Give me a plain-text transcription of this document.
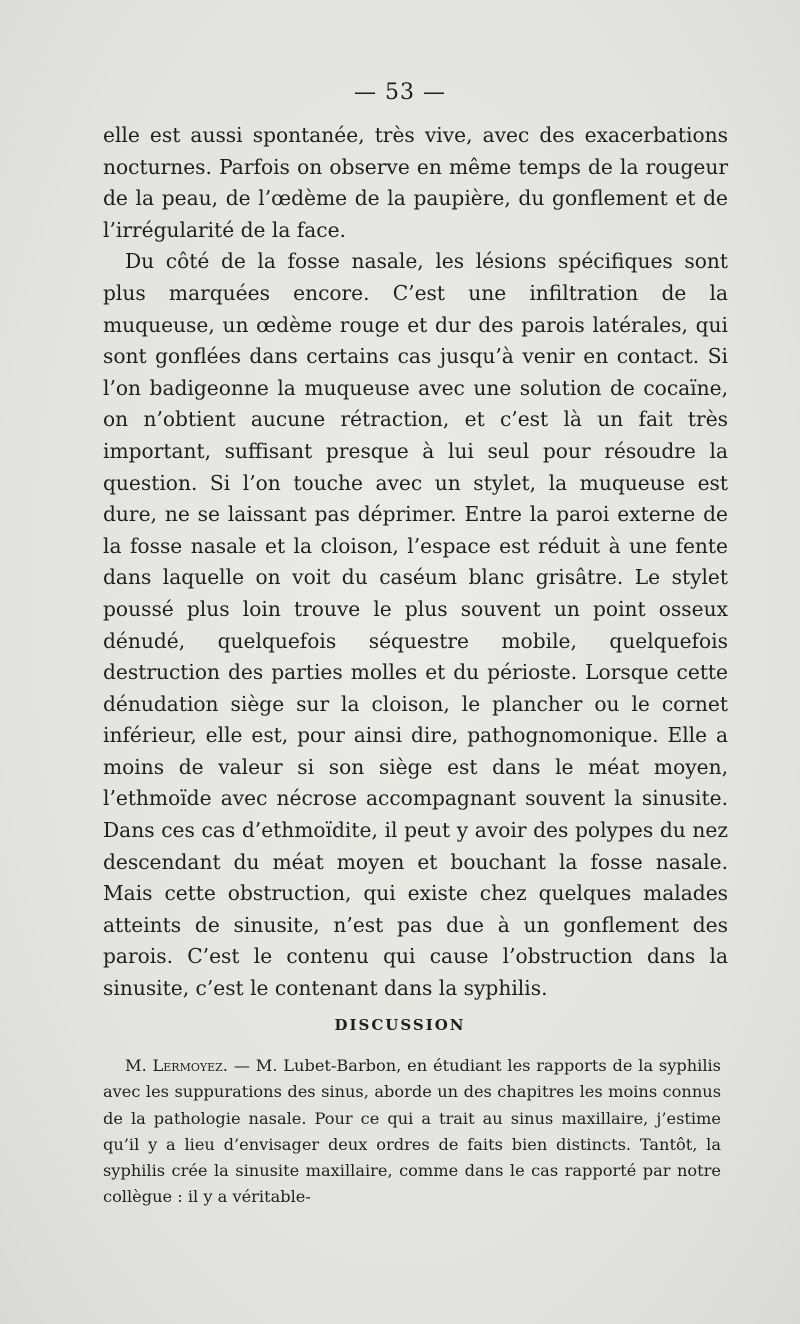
— 53 —

elle est aussi spontanée, très vive, avec des exacerbations nocturnes. Parfois on observe en même temps de la rougeur de la peau, de l’œdème de la paupière, du gonflement et de l’irrégularité de la face.

Du côté de la fosse nasale, les lésions spécifiques sont plus marquées encore. C’est une infiltration de la muqueuse, un œdème rouge et dur des parois latérales, qui sont gonflées dans certains cas jusqu’à venir en contact. Si l’on badigeonne la muqueuse avec une solution de cocaïne, on n’obtient aucune rétraction, et c’est là un fait très important, suffisant presque à lui seul pour résoudre la question. Si l’on touche avec un stylet, la muqueuse est dure, ne se laissant pas déprimer. Entre la paroi externe de la fosse nasale et la cloison, l’espace est réduit à une fente dans laquelle on voit du caséum blanc grisâtre. Le stylet poussé plus loin trouve le plus souvent un point osseux dénudé, quelquefois séquestre mobile, quelquefois destruction des parties molles et du périoste. Lorsque cette dénudation siège sur la cloison, le plancher ou le cornet inférieur, elle est, pour ainsi dire, pathognomonique. Elle a moins de valeur si son siège est dans le méat moyen, l’ethmoïde avec nécrose accompagnant souvent la sinusite. Dans ces cas d’ethmoïdite, il peut y avoir des polypes du nez descendant du méat moyen et bouchant la fosse nasale. Mais cette obstruction, qui existe chez quelques malades atteints de sinusite, n’est pas due à un gonflement des parois. C’est le contenu qui cause l’obstruction dans la sinusite, c’est le contenant dans la syphilis.

DISCUSSION

M. Lermoyez. — M. Lubet-Barbon, en étudiant les rapports de la syphilis avec les suppurations des sinus, aborde un des chapitres les moins connus de la pathologie nasale. Pour ce qui a trait au sinus maxillaire, j’estime qu’il y a lieu d’envisager deux ordres de faits bien distincts. Tantôt, la syphilis crée la sinusite maxillaire, comme dans le cas rapporté par notre collègue : il y a véritable-
